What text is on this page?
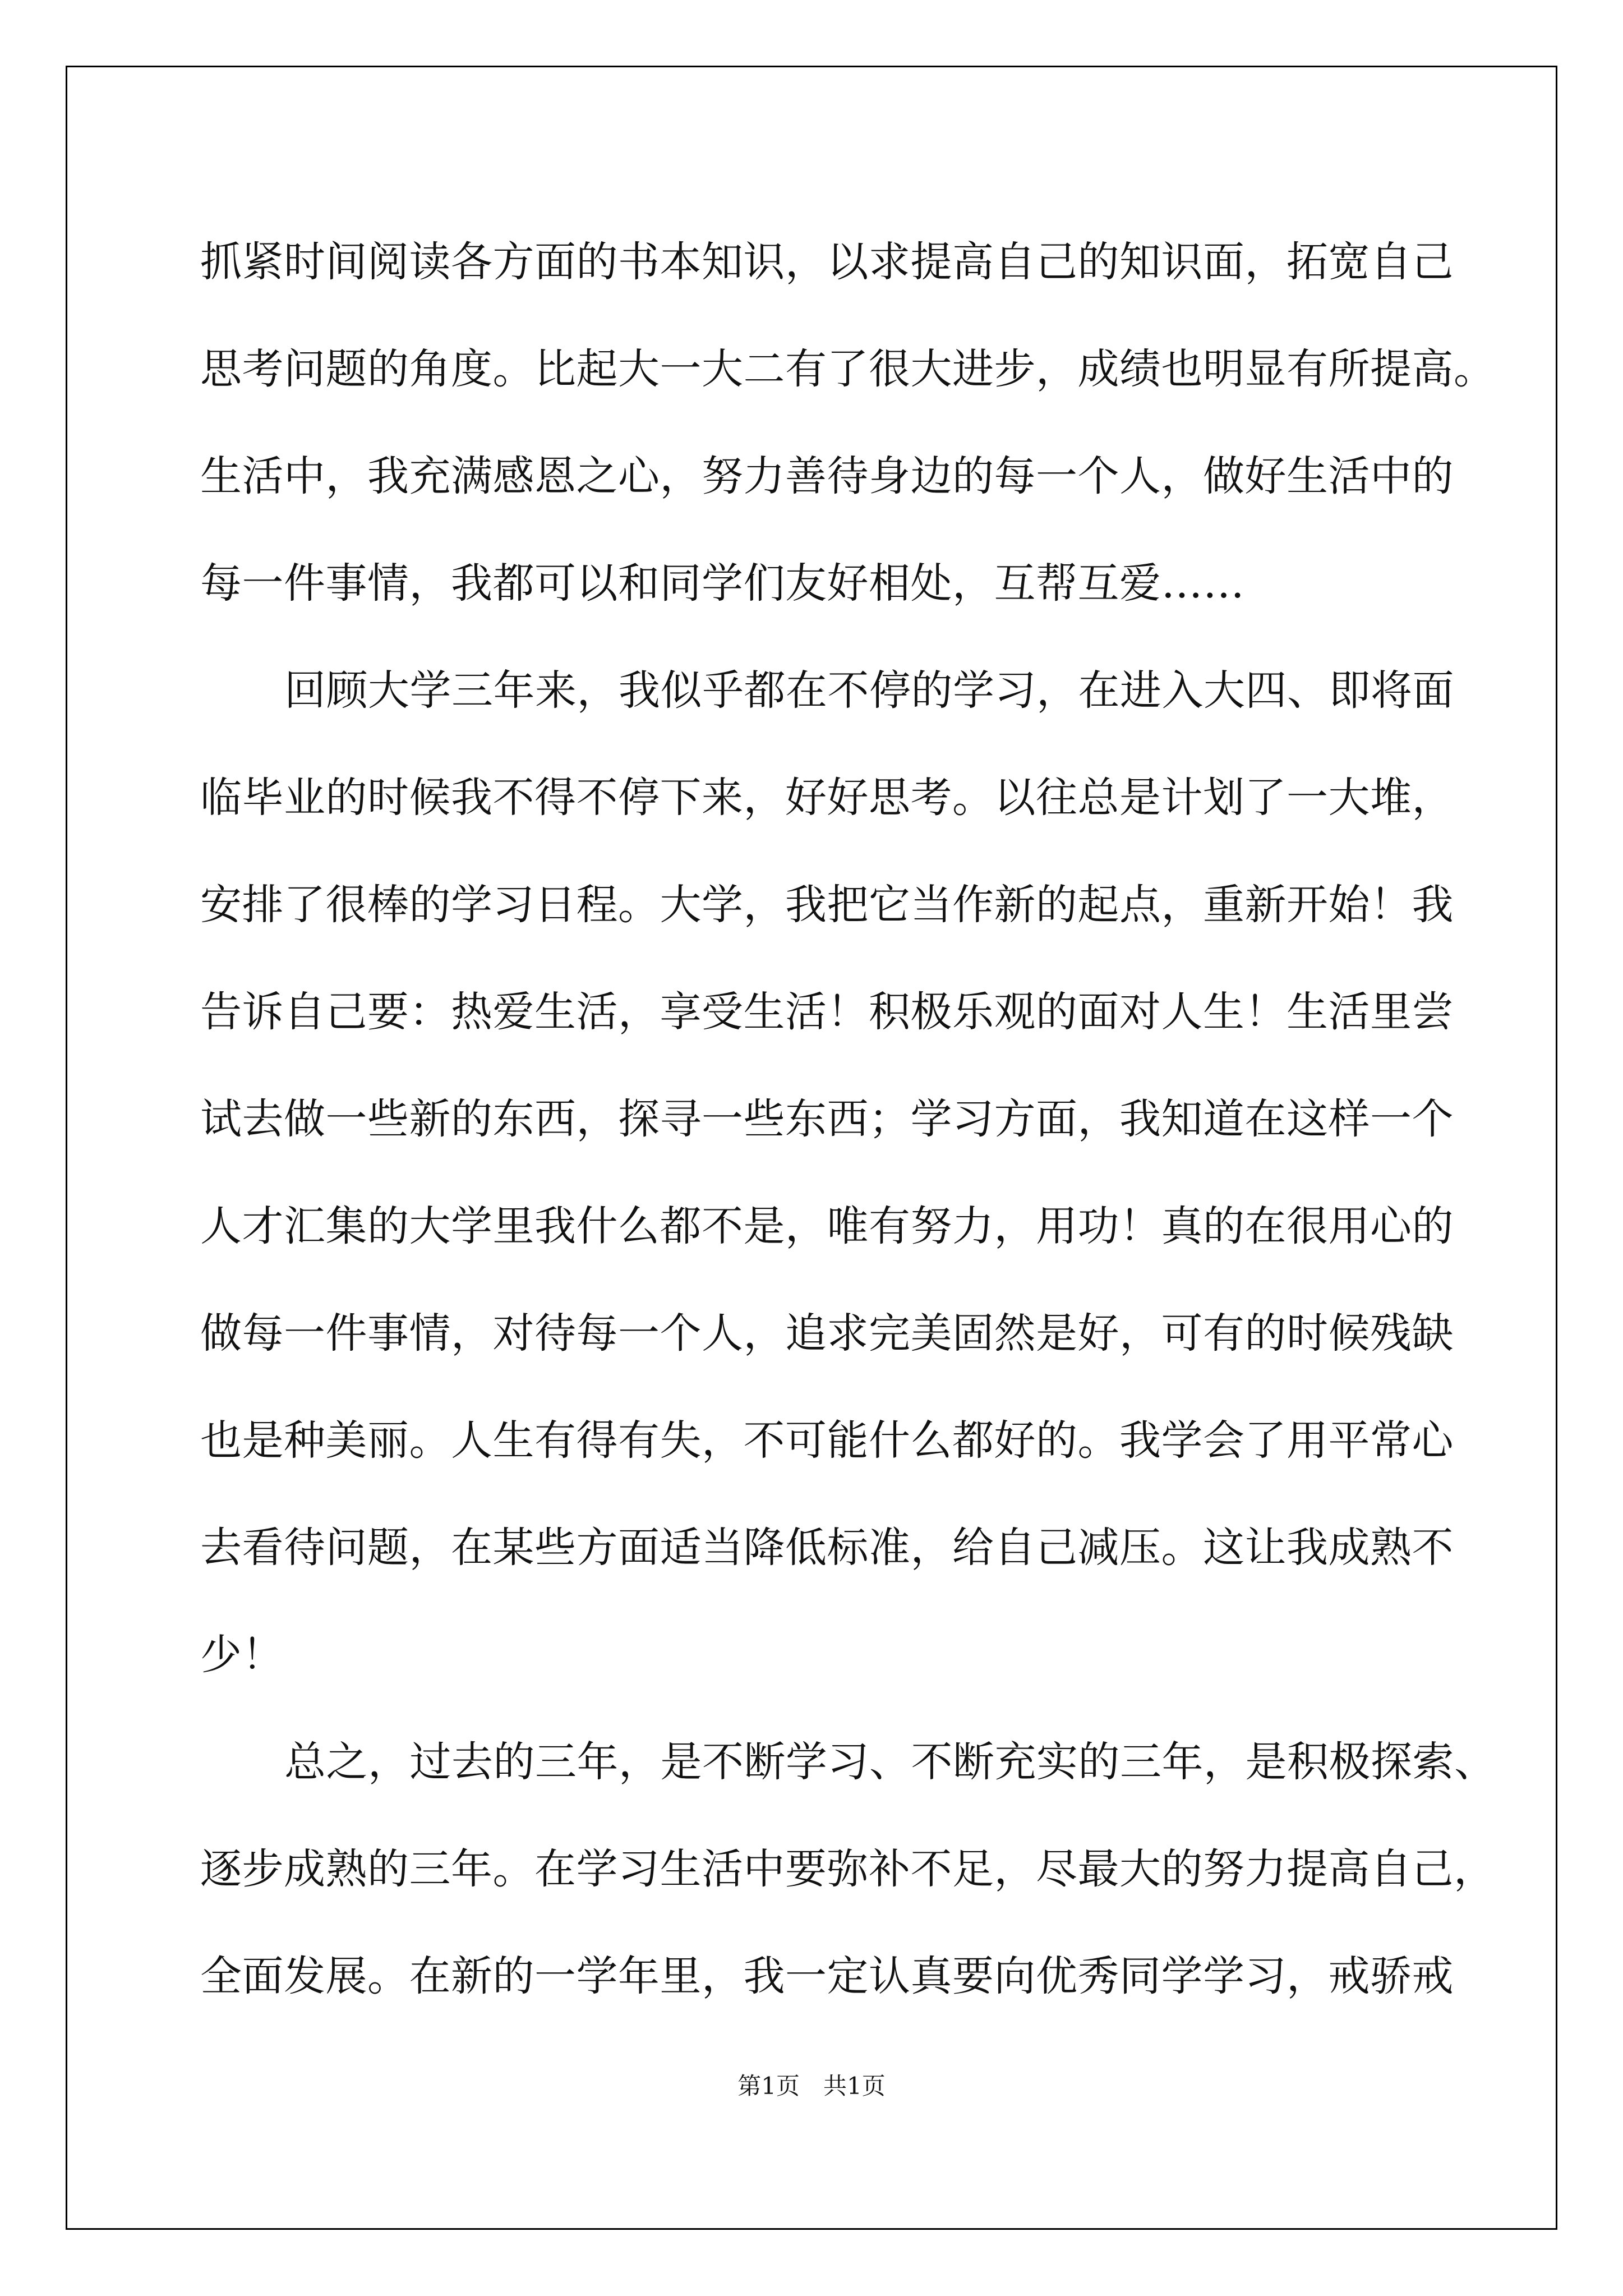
抓紧时间阅读各方面的书本知识，以求提高自己的知识面，拓宽自己
思考问题的角度。比起大一大二有了很大进步，成绩也明显有所提高。
生活中，我充满感恩之心，努力善待身边的每一个人，做好生活中的
每一件事情，我都可以和同学们友好相处，互帮互爱……
回顾大学三年来，我似乎都在不停的学习，在进入大四、即将面
临毕业的时候我不得不停下来，好好思考。以往总是计划了一大堆，
安排了很棒的学习日程。大学，我把它当作新的起点，重新开始！我
告诉自己要：热爱生活，享受生活！积极乐观的面对人生！生活里尝
试去做一些新的东西，探寻一些东西；学习方面，我知道在这样一个
人才汇集的大学里我什么都不是，唯有努力，用功！真的在很用心的
做每一件事情，对待每一个人，追求完美固然是好，可有的时候残缺
也是种美丽。人生有得有失，不可能什么都好的。我学会了用平常心
去看待问题，在某些方面适当降低标准，给自己减压。这让我成熟不
少！
总之，过去的三年，是不断学习、不断充实的三年，是积极探索、
逐步成熟的三年。在学习生活中要弥补不足，尽最大的努力提高自己，
全面发展。在新的一学年里，我一定认真要向优秀同学学习，戒骄戒
第1页　共1页
